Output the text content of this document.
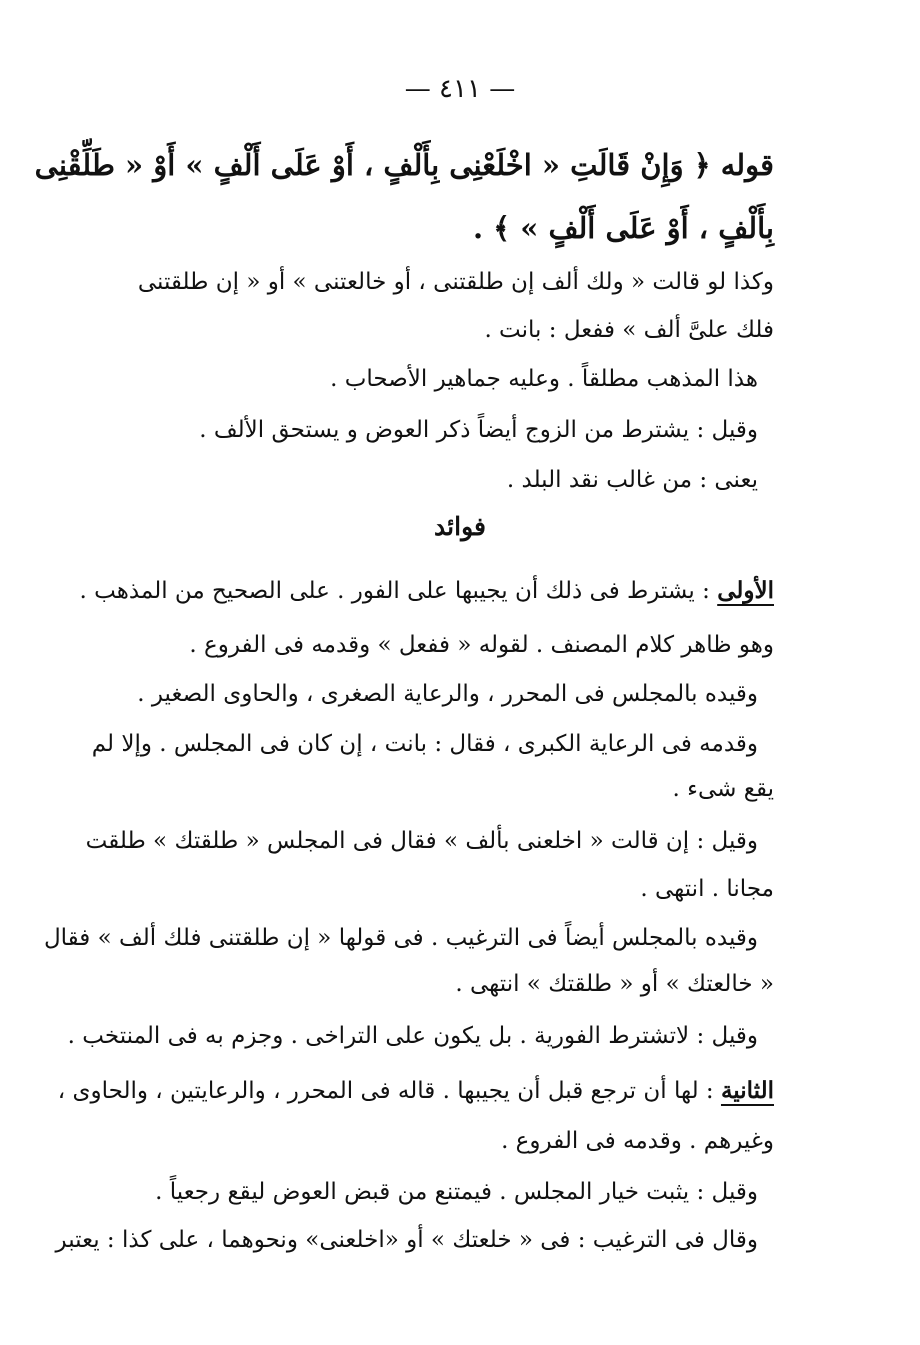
— ٤١١ —
قوله ﴿ وَإِنْ قَالَتِ « اخْلَعْنِى بِأَلْفٍ ، أَوْ عَلَى أَلْفٍ » أَوْ « طَلِّقْنِى
بِأَلْفٍ ، أَوْ عَلَى أَلْفٍ » ﴾ .
وكذا لو قالت « ولك ألف إن طلقتنى ، أو خالعتنى » أو « إن طلقتنى
فلك علىَّ ألف » ففعل : بانت .
هذا المذهب مطلقاً . وعليه جماهير الأصحاب .
وقيل : يشترط من الزوج أيضاً ذكر العوض و يستحق الألف .
يعنى : من غالب نقد البلد .
فوائد
الأولى : يشترط فى ذلك أن يجيبها على الفور . على الصحيح من المذهب .
وهو ظاهر كلام المصنف . لقوله « ففعل » وقدمه فى الفروع .
وقيده بالمجلس فى المحرر ، والرعاية الصغرى ، والحاوى الصغير .
وقدمه فى الرعاية الكبرى ، فقال : بانت ، إن كان فى المجلس . وإلا لم
يقع شىء .
وقيل : إن قالت « اخلعنى بألف » فقال فى المجلس « طلقتك » طلقت
مجانا . انتهى .
وقيده بالمجلس أيضاً فى الترغيب . فى قولها « إن طلقتنى فلك ألف » فقال
« خالعتك » أو « طلقتك » انتهى .
وقيل : لاتشترط الفورية . بل يكون على التراخى . وجزم به فى المنتخب .
الثانية : لها أن ترجع قبل أن يجيبها . قاله فى المحرر ، والرعايتين ، والحاوى ،
وغيرهم . وقدمه فى الفروع .
وقيل : يثبت خيار المجلس . فيمتنع من قبض العوض ليقع رجعياً .
وقال فى الترغيب : فى « خلعتك » أو «اخلعنى» ونحوهما ، على كذا : يعتبر
